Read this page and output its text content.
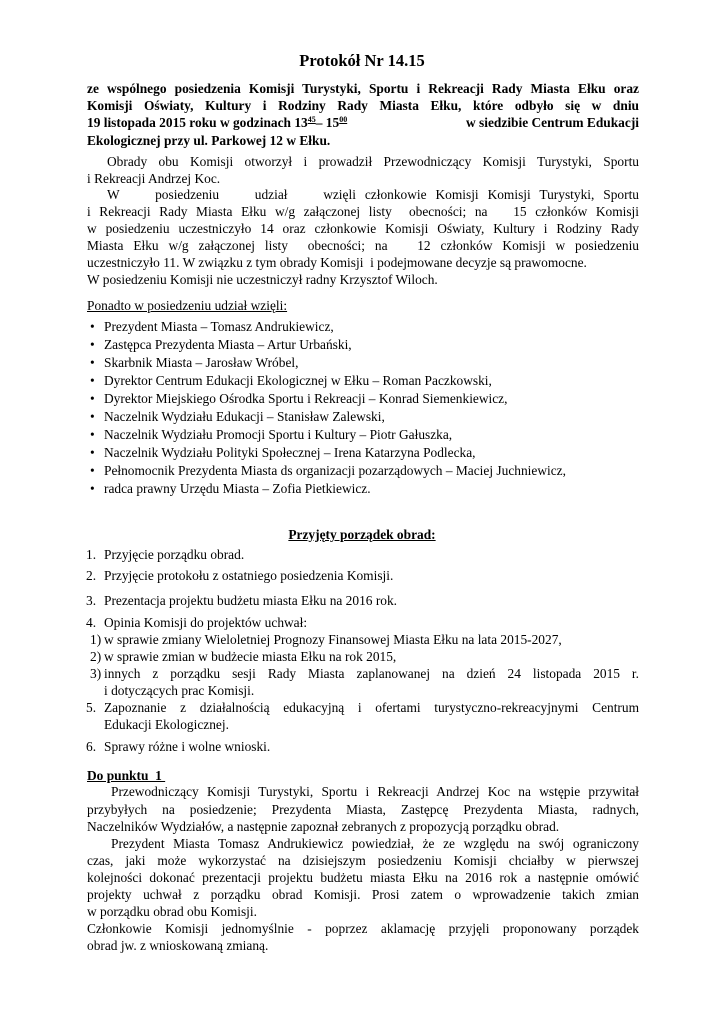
Protokół Nr 14.15
ze wspólnego posiedzenia Komisji Turystyki, Sportu i Rekreacji Rady Miasta Ełku oraz
Komisji Oświaty, Kultury i Rodziny Rady Miasta Ełku, które odbyło się w dniu
19 listopada 2015 roku w godzinach $13^{45}-$ $15^{00}$	w siedzibie Centrum Edukacji
Ekologicznej przy ul. Parkowej 12 w Ełku.
Obrady obu Komisji otworzył i prowadził Przewodniczący Komisji Turystyki, Sportu
i Rekreacji Andrzej Koc.
W    posiedzeniu    udział    wzięli członkowie Komisji Komisji Turystyki, Sportu
i Rekreacji Rady Miasta Ełku w/g załączonej listy  obecności; na   15 członków Komisji
w posiedzeniu uczestniczyło 14 oraz członkowie Komisji Oświaty, Kultury i Rodziny Rady
Miasta Ełku w/g załączonej listy  obecności; na   12 członków Komisji w posiedzeniu
uczestniczyło 11. W związku z tym obrady Komisji  i podejmowane decyzje są prawomocne.
W posiedzeniu Komisji nie uczestniczył radny Krzysztof Wiloch.
Ponadto w posiedzeniu udział wzięli:
• Prezydent Miasta – Tomasz Andrukiewicz,
• Zastępca Prezydenta Miasta – Artur Urbański,
• Skarbnik Miasta – Jarosław Wróbel,
• Dyrektor Centrum Edukacji Ekologicznej w Ełku – Roman Paczkowski,
• Dyrektor Miejskiego Ośrodka Sportu i Rekreacji – Konrad Siemenkiewicz,
• Naczelnik Wydziału Edukacji – Stanisław Zalewski,
• Naczelnik Wydziału Promocji Sportu i Kultury – Piotr Gałuszka,
• Naczelnik Wydziału Polityki Społecznej – Irena Katarzyna Podlecka,
• Pełnomocnik Prezydenta Miasta ds organizacji pozarządowych – Maciej Juchniewicz,
• radca prawny Urzędu Miasta – Zofia Pietkiewicz.
Przyjęty porządek obrad:
1. Przyjęcie porządku obrad.
2. Przyjęcie protokołu z ostatniego posiedzenia Komisji.
3. Prezentacja projektu budżetu miasta Ełku na 2016 rok.
4. Opinia Komisji do projektów uchwał:
1) w sprawie zmiany Wieloletniej Prognozy Finansowej Miasta Ełku na lata 2015-2027,
2) w sprawie zmian w budżecie miasta Ełku na rok 2015,
3) innych z porządku sesji Rady Miasta zaplanowanej na dzień 24 listopada 2015 r.
i dotyczących prac Komisji.
5. Zapoznanie z działalnością edukacyjną i ofertami turystyczno-rekreacyjnymi Centrum
Edukacji Ekologicznej.
6. Sprawy różne i wolne wnioski.
Do punktu  1
Przewodniczący Komisji Turystyki, Sportu i Rekreacji Andrzej Koc na wstępie przywitał
przybyłych na posiedzenie; Prezydenta Miasta, Zastępcę Prezydenta Miasta, radnych,
Naczelników Wydziałów, a następnie zapoznał zebranych z propozycją porządku obrad.
Prezydent Miasta Tomasz Andrukiewicz powiedział, że ze względu na swój ograniczony
czas, jaki może wykorzystać na dzisiejszym posiedzeniu Komisji chciałby w pierwszej
kolejności dokonać prezentacji projektu budżetu miasta Ełku na 2016 rok a następnie omówić
projekty uchwał z porządku obrad Komisji. Prosi zatem o wprowadzenie takich zmian
w porządku obrad obu Komisji.
Członkowie Komisji jednomyślnie - poprzez aklamację przyjęli proponowany porządek
obrad jw. z wnioskowaną zmianą.
